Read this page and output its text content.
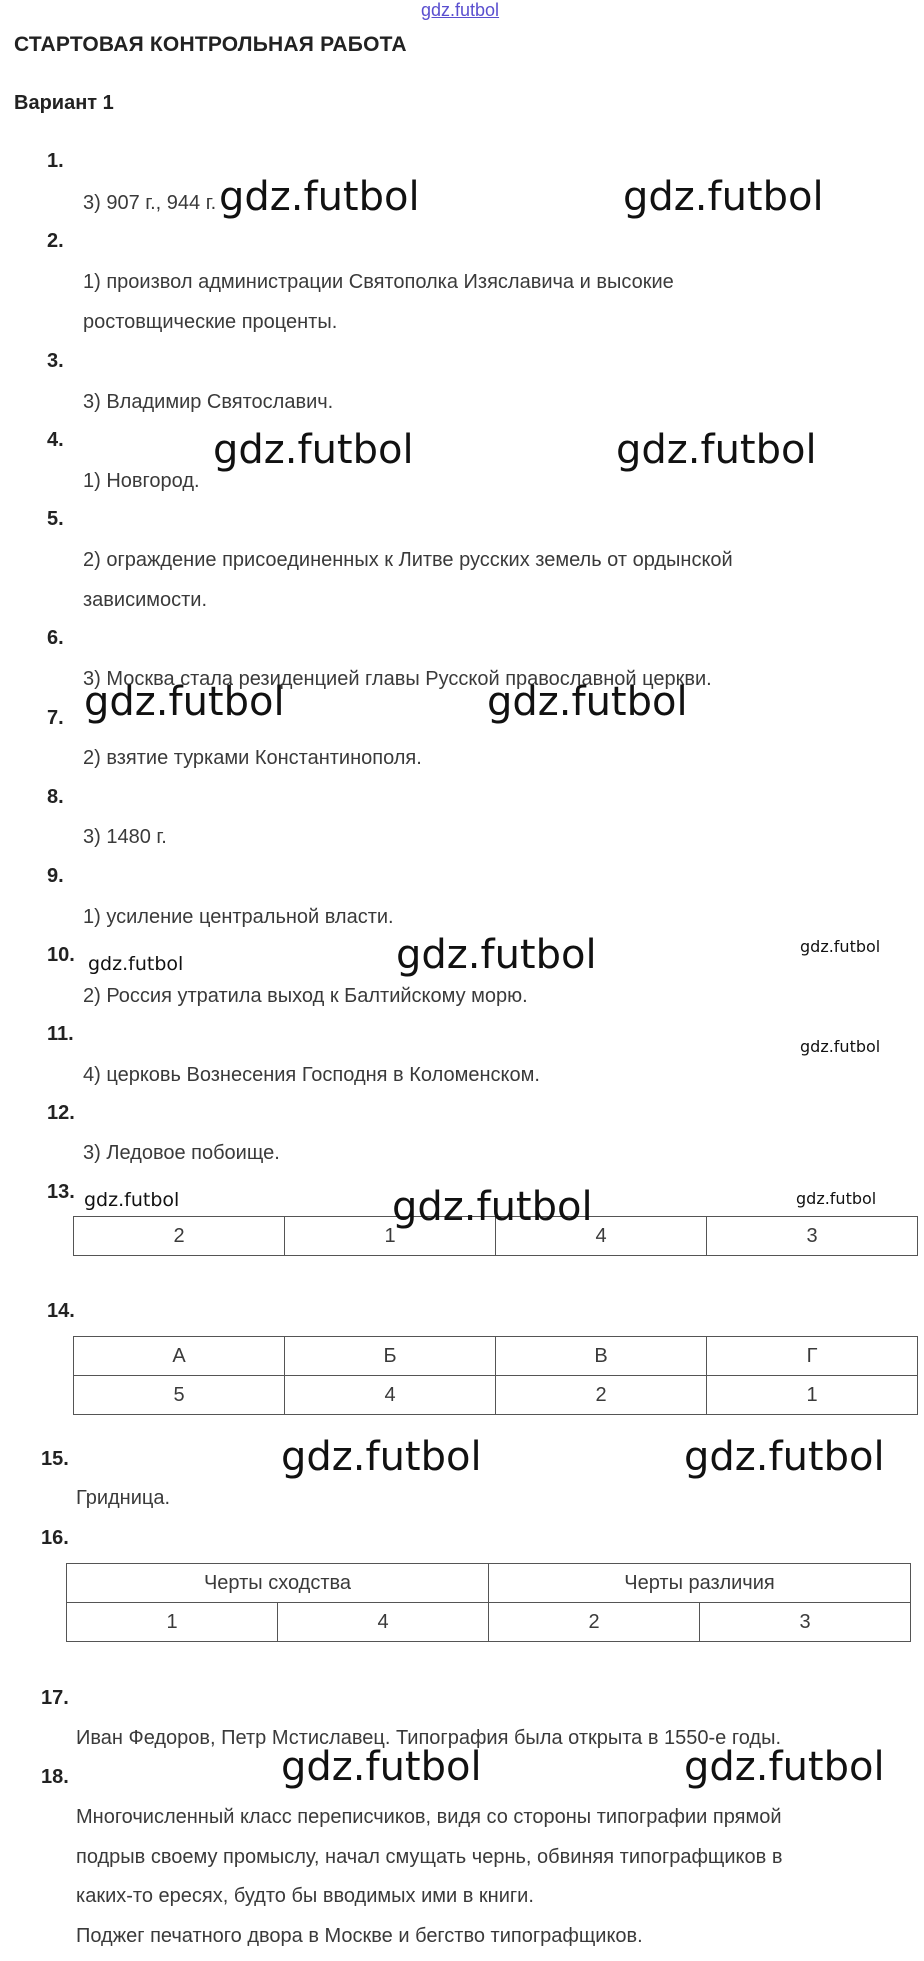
gdz.futbol
СТАРТОВАЯ КОНТРОЛЬНАЯ РАБОТА
Вариант 1
1.
3) 907 г., 944 г.
2.
1) произвол администрации Святополка Изяславича и высокие
ростовщические проценты.
3.
3) Владимир Святославич.
4.
1) Новгород.
5.
2) ограждение присоединенных к Литве русских земель от ордынской
зависимости.
6.
3) Москва стала резиденцией главы Русской православной церкви.
7.
2) взятие турками Константинополя.
8.
3) 1480 г.
9.
1) усиление центральной власти.
10.
2) Россия утратила выход к Балтийскому морю.
11.
4) церковь Вознесения Господня в Коломенском.
12.
3) Ледовое побоище.
13.
2	1	4	3
14.
А	Б	В	Г
5	4	2	1
15.
Гридница.
16.
Черты сходства		Черты различия	
1	4	2	3
17.
Иван Федоров, Петр Мстиславец. Типография была открыта в 1550-е годы.
18.
Многочисленный класс переписчиков, видя со стороны типографии прямой
подрыв своему промыслу, начал смущать чернь, обвиняя типографщиков в
каких-то ересях, будто бы вводимых ими в книги.
Поджег печатного двора в Москве и бегство типографщиков.
gdz.futbol	gdz.futbol
gdz.futbol	gdz.futbol
gdz.futbol	gdz.futbol
gdz.futbol	gdz.futbol	gdz.futbol
gdz.futbol
gdz.futbol	gdz.futbol	gdz.futbol
gdz.futbol	gdz.futbol
gdz.futbol	gdz.futbol
